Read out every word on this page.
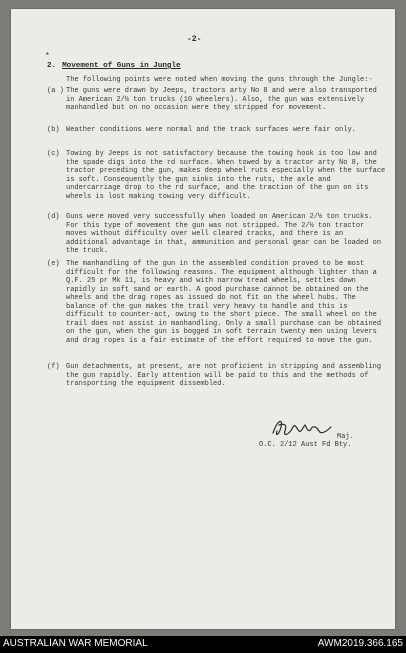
-2-
*
2. Movement of Guns in Jungle

The following points were noted when moving the guns through the Jungle:-

(a ) The guns were drawn by Jeeps, tractors arty No 8 and were also transported in American 2/½ ton trucks (10 wheelers). Also, the gun was extensively manhandled but on no occasion were they stripped for movement.

(b) Weather conditions were normal and the track surfaces were fair only.

(c) Towing by Jeeps is not satisfactory because the towing hook is too low and the spade digs into the rd surface. When towed by a tractor arty No 8, the tractor preceding the gun, makes deep wheel ruts especially when the surface is soft. Consequently the gun sinks into the ruts, the axle and undercarriage drop to the rd surface, and the traction of the gun on its wheels is lost making towing very difficult.

(d) Guns were moved very successfully when loaded on American 2/½ ton trucks. For this type of movement the gun was not stripped. The 2/½ ton tractor moves without difficulty over well cleared tracks, and there is an additional advantage in that, ammunition and personal gear can be loaded on the truck.

(e) The manhandling of the gun in the assembled condition proved to be most difficult for the following reasons. The equipment although lighter than a Q.F. 25 pr Mk 11, is heavy and with narrow tread wheels, settles down rapidly in soft sand or earth. A good purchase cannot be obtained on the wheels and the drag ropes as issued do not fit on the wheel hubs. The balance of the gun makes the trail very heavy to handle and this is difficult to counter-act, owing to the short piece. The small wheel on the trail does not assist in manhandling. Only a small purchase can be obtained on the gun, when the gun is bogged in soft terrain twenty men using levers and drag ropes is a fair estimate of the effort required to move the gun.

(f) Gun detachments, at present, are not proficient in stripping and assembling the gun rapidly. Early attention will be paid to this and the methods of transporting the equipment dissembled.

Maj.
O.C. 2/12 Aust Fd Bty.
AUSTRALIAN WAR MEMORIAL	AWM2019.366.165
